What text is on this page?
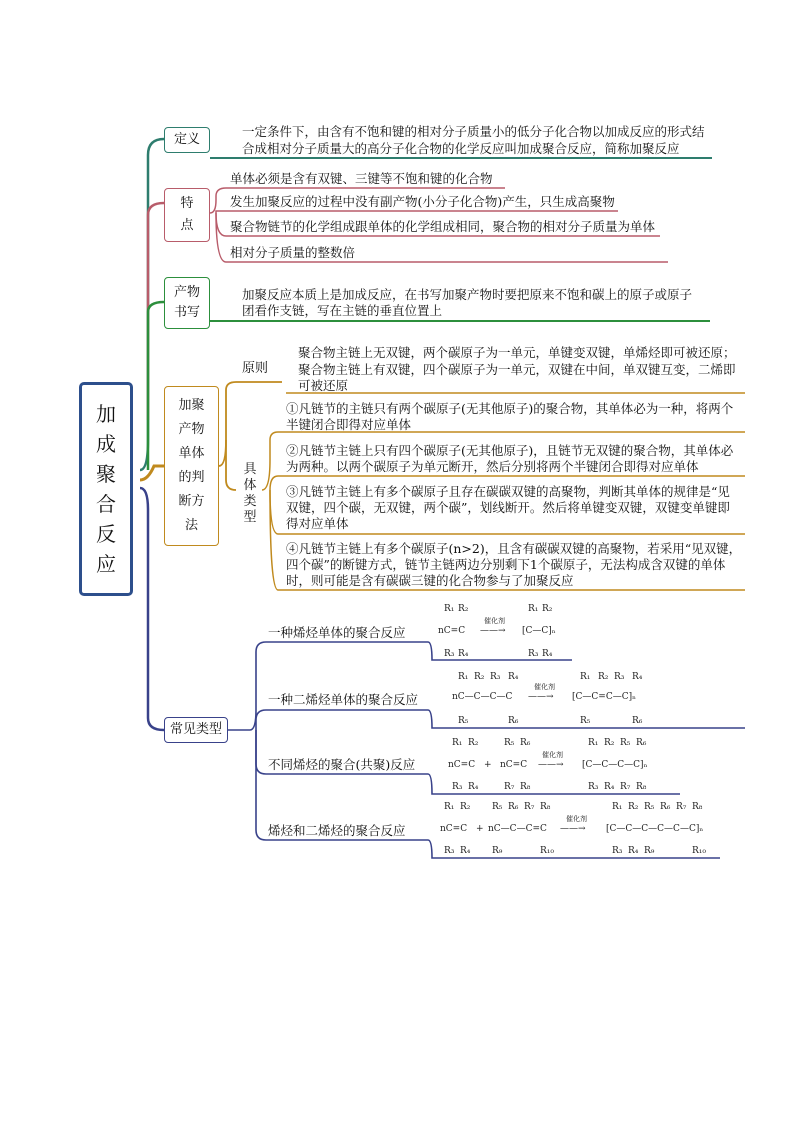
加
成
聚
合
反
应
定义
一定条件下，由含有不饱和键的相对分子质量小的低分子化合物以加成反应的形式结
合成相对分子质量大的高分子化合物的化学反应叫加成聚合反应，简称加聚反应
特
点
单体必须是含有双键、三键等不饱和键的化合物
发生加聚反应的过程中没有副产物(小分子化合物)产生，只生成高聚物
聚合物链节的化学组成跟单体的化学组成相同，聚合物的相对分子质量为单体
相对分子质量的整数倍
产物
书写
加聚反应本质上是加成反应，在书写加聚产物时要把原来不饱和碳上的原子或原子
团看作支链，写在主链的垂直位置上
加聚
产物
单体
的判
断方
法
原则
聚合物主链上无双键，两个碳原子为一单元，单键变双键，单烯烃即可被还原；
聚合物主链上有双键，四个碳原子为一单元，双键在中间，单双键互变，二烯即
可被还原
具
体
类
型
①凡链节的主链只有两个碳原子(无其他原子)的聚合物，其单体必为一种，将两个
半键闭合即得对应单体
②凡链节主链上只有四个碳原子(无其他原子)，且链节无双键的聚合物，其单体必
为两种。以两个碳原子为单元断开，然后分别将两个半键闭合即得对应单体
③凡链节主链上有多个碳原子且存在碳碳双键的高聚物，判断其单体的规律是“见
双键，四个碳，无双键，两个碳”，划线断开。然后将单键变双键，双键变单键即
得对应单体
④凡链节主链上有多个碳原子(n>2)，且含有碳碳双键的高聚物，若采用“见双键，
四个碳”的断键方式，链节主链两边分别剩下1个碳原子，无法构成含双键的单体
时，则可能是含有碳碳三键的化合物参与了加聚反应
常见类型
一种烯烃单体的聚合反应
一种二烯烃单体的聚合反应
不同烯烃的聚合(共聚)反应
烯烃和二烯烃的聚合反应
R₁ R₂
nC=C
R₃ R₄
催化剂
——→
R₁ R₂
[C—C]ₙ
R₃ R₄
R₁ R₂ R₃ R₄
nC—C—C—C
R₅	R₆
催化剂
——→
R₁ R₂ R₃ R₄
[C—C=C—C]ₙ
R₅	R₆
R₁ R₂
nC=C
R₃ R₄
+
R₅ R₆
nC=C
R₇ R₈
催化剂
——→
R₁ R₂ R₅ R₆
[C—C—C—C]ₙ
R₃ R₄ R₇ R₈
R₁ R₂
nC=C
R₃ R₄
+
R₅ R₆ R₇ R₈
nC—C—C=C
R₉	R₁₀
催化剂
——→
R₁ R₂ R₅ R₆ R₇ R₈
[C—C—C—C—C—C]ₙ
R₃ R₄ R₉	R₁₀
